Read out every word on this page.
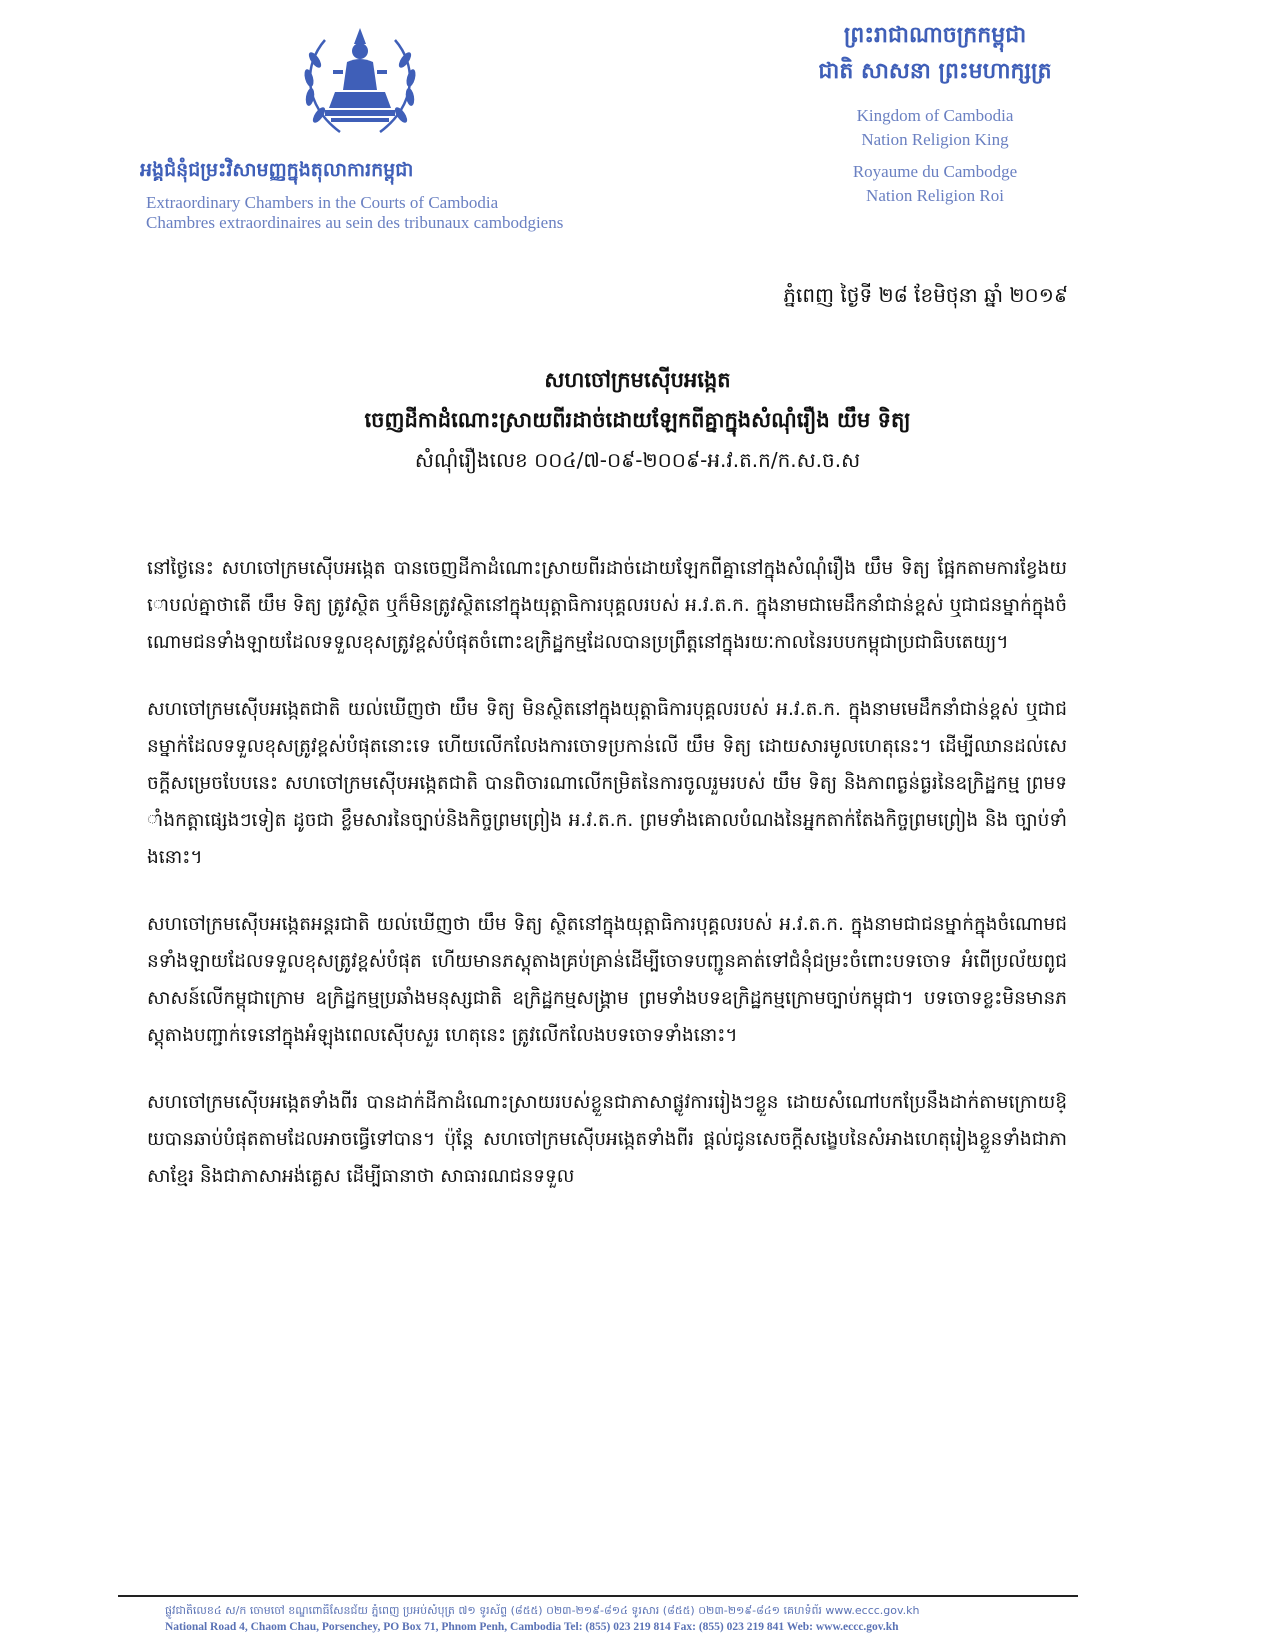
អង្គជំនុំជម្រះវិសាមញ្ញក្នុងតុលាការកម្ពុជា
Extraordinary Chambers in the Courts of Cambodia
Chambres extraordinaires au sein des tribunaux cambodgiens
ព្រះរាជាណាចក្រកម្ពុជា
ជាតិ សាសនា ព្រះមហាក្សត្រ
Kingdom of Cambodia
Nation Religion King
Royaume du Cambodge
Nation Religion Roi
ភ្នំពេញ ថ្ងៃទី ២៨ ខែមិថុនា ឆ្នាំ ២០១៩
សហចៅក្រមស៊ើបអង្កេត
ចេញដីកាដំណោះស្រាយពីរដាច់ដោយឡែកពីគ្នាក្នុងសំណុំរឿង យឹម ទិត្យ
សំណុំរឿងលេខ ០០៤/៧-០៩-២០០៩-អ.វ.ត.ក/ក.ស.ច.ស

នៅថ្ងៃនេះ សហចៅក្រមស៊ើបអង្កេត បានចេញដីកាដំណោះស្រាយពីរដាច់ដោយឡែកពីគ្នានៅក្នុងសំណុំរឿង យឹម ទិត្យ ផ្អែកតាមការខ្វែងយោបល់គ្នាថាតើ យឹម ទិត្យ ត្រូវស្ថិត ឬក៏មិនត្រូវស្ថិតនៅក្នុងយុត្តាធិការបុគ្គលរបស់ អ.វ.ត.ក. ក្នុងនាមជាមេដឹកនាំជាន់ខ្ពស់ ឬជាជនម្នាក់ក្នុងចំណោមជនទាំងឡាយដែលទទួលខុសត្រូវខ្ពស់បំផុតចំពោះឧក្រិដ្ឋកម្មដែលបានប្រព្រឹត្តនៅក្នុងរយៈកាលនៃរបបកម្ពុជាប្រជាធិបតេយ្យ។

សហចៅក្រមស៊ើបអង្កេតជាតិ យល់ឃើញថា យឹម ទិត្យ មិនស្ថិតនៅក្នុងយុត្តាធិការបុគ្គលរបស់ អ.វ.ត.ក. ក្នុងនាមមេដឹកនាំជាន់ខ្ពស់ ឬជាជនម្នាក់ដែលទទួលខុសត្រូវខ្ពស់បំផុតនោះទេ ហើយលើកលែងការចោទប្រកាន់លើ យឹម ទិត្យ ដោយសារមូលហេតុនេះ។ ដើម្បីឈានដល់សេចក្តីសម្រេចបែបនេះ សហចៅក្រមស៊ើបអង្កេតជាតិ បានពិចារណាលើកម្រិតនៃការចូលរួមរបស់ យឹម ទិត្យ និងភាពធ្ងន់ធ្ងរនៃឧក្រិដ្ឋកម្ម ព្រមទាំងកត្តាផ្សេងៗទៀត ដូចជា ខ្លឹមសារនៃច្បាប់និងកិច្ចព្រមព្រៀង អ.វ.ត.ក. ព្រមទាំងគោលបំណងនៃអ្នកតាក់តែងកិច្ចព្រមព្រៀង និង ច្បាប់ទាំងនោះ។

សហចៅក្រមស៊ើបអង្កេតអន្តរជាតិ យល់ឃើញថា យឹម ទិត្យ ស្ថិតនៅក្នុងយុត្តាធិការបុគ្គលរបស់ អ.វ.ត.ក. ក្នុងនាមជាជនម្នាក់ក្នុងចំណោមជនទាំងឡាយដែលទទួលខុសត្រូវខ្ពស់បំផុត ហើយមានភស្តុតាងគ្រប់គ្រាន់ដើម្បីចោទបញ្ជូនគាត់ទៅជំនុំជម្រះចំពោះបទចោទ អំពើប្រល័យពូជសាសន៍លើកម្ពុជាក្រោម ឧក្រិដ្ឋកម្មប្រឆាំងមនុស្សជាតិ ឧក្រិដ្ឋកម្មសង្គ្រាម ព្រមទាំងបទឧក្រិដ្ឋកម្មក្រោមច្បាប់កម្ពុជា។ បទចោទខ្លះមិនមានភស្តុតាងបញ្ជាក់ទេនៅក្នុងអំឡុងពេលស៊ើបសួរ ហេតុនេះ ត្រូវលើកលែងបទចោទទាំងនោះ។

សហចៅក្រមស៊ើបអង្កេតទាំងពីរ បានដាក់ដីកាដំណោះស្រាយរបស់ខ្លួនជាភាសាផ្លូវការរៀងៗខ្លួន ដោយសំណៅបកប្រែនឹងដាក់តាមក្រោយឱ្យបានឆាប់បំផុតតាមដែលអាចធ្វើទៅបាន។ ប៉ុន្តែ សហចៅក្រមស៊ើបអង្កេតទាំងពីរ ផ្តល់ជូនសេចក្តីសង្ខេបនៃសំអាងហេតុរៀងខ្លួនទាំងជាភាសាខ្មែរ និងជាភាសាអង់គ្លេស ដើម្បីធានាថា សាធារណជនទទួល

ផ្លូវជាតិលេខ៤ ស/ក ចោមចៅ ខណ្ឌពោធិ៍សែនជ័យ ភ្នំពេញ ប្រអប់សំបុត្រ ៧១ ទូរស័ព្ទ (៨៥៥) ០២៣-២១៩-៨១៤ ទូរសារ (៨៥៥) ០២៣-២១៩-៨៤១ គេហទំព័រ www.eccc.gov.kh
National Road 4, Chaom Chau, Porsenchey, PO Box 71, Phnom Penh, Cambodia Tel: (855) 023 219 814 Fax: (855) 023 219 841 Web: www.eccc.gov.kh
